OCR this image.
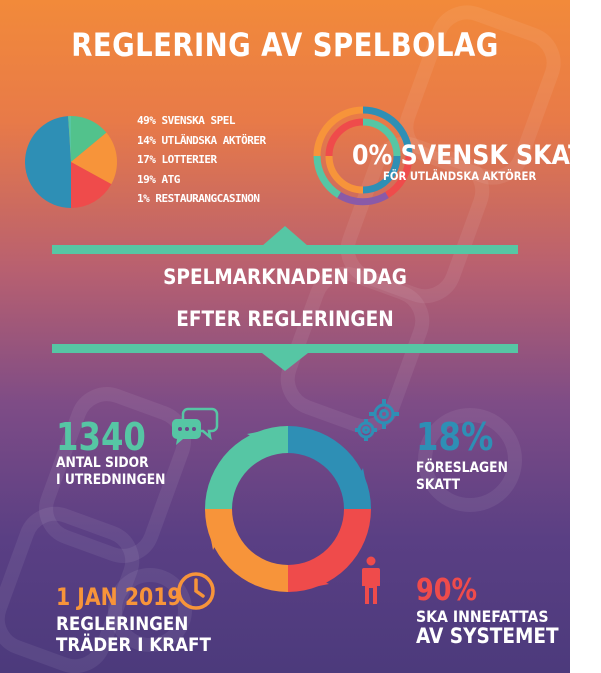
REGLERING AV SPELBOLAG
49% SVENSKA SPEL
14% UTLÄNDSKA AKTÖRER
17% LOTTERIER
19% ATG
1% RESTAURANGCASINON
0% SVENSK SKATT
FÖR UTLÄNDSKA AKTÖRER
SPELMARKNADEN IDAG
EFTER REGLERINGEN
1340
ANTAL SIDOR
I UTREDNINGEN
18%
FÖRESLAGEN
SKATT
1 JAN 2019
REGLERINGEN
TRÄDER I KRAFT
90%
SKA INNEFATTAS
AV SYSTEMET
